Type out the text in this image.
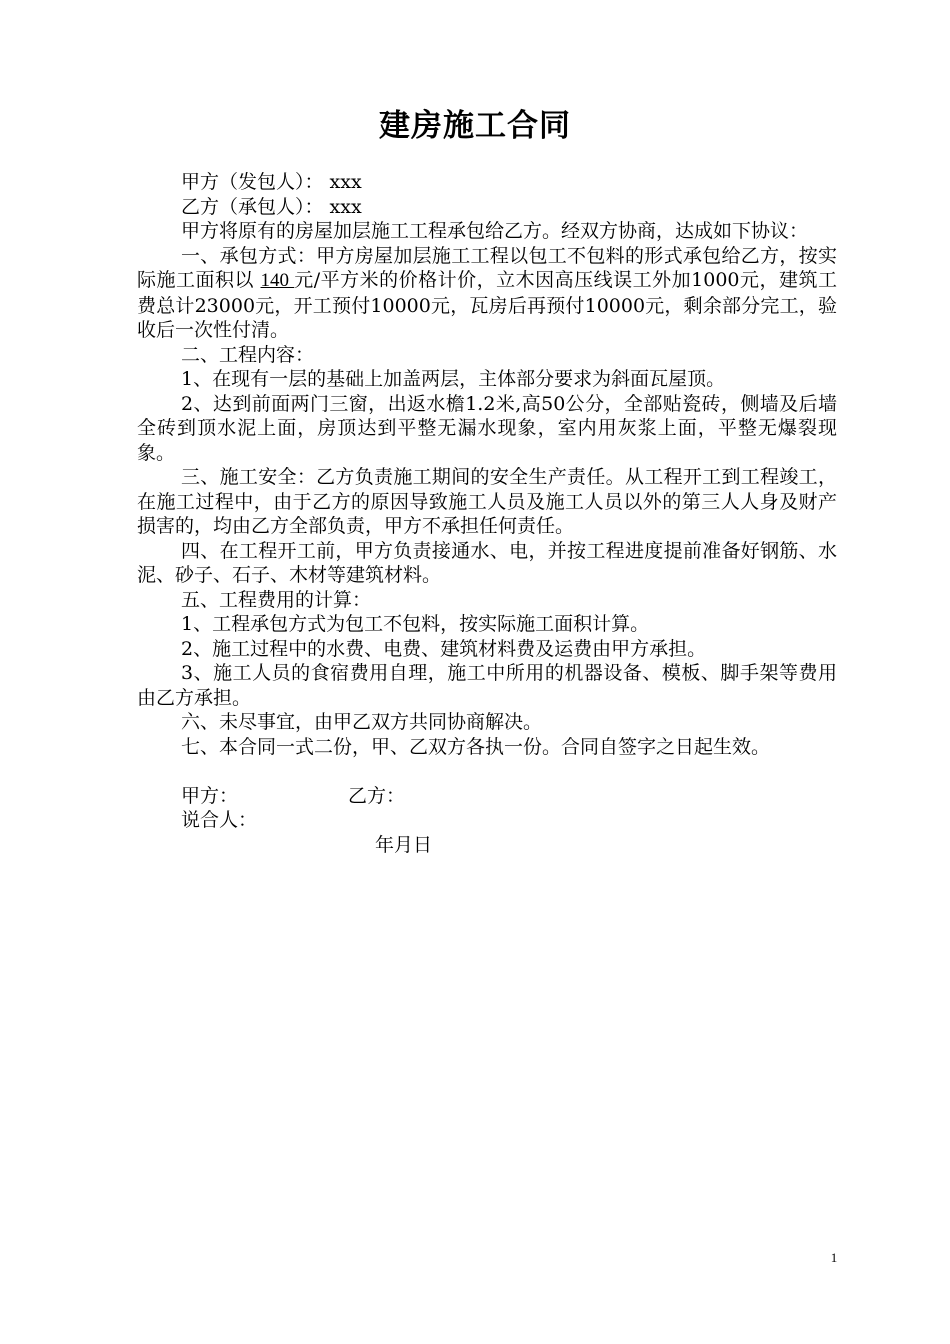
建房施工合同

甲方（发包人）： xxx

乙方（承包人）： xxx

甲方将原有的房屋加层施工工程承包给乙方。经双方协商，达成如下协议：

一、承包方式：甲方房屋加层施工工程以包工不包料的形式承包给乙方，按实际施工面积以 140 元/平方米的价格计价，立木因高压线误工外加1000元，建筑工费总计23000元，开工预付10000元，瓦房后再预付10000元，剩余部分完工，验收后一次性付清。

二、工程内容：

1、在现有一层的基础上加盖两层，主体部分要求为斜面瓦屋顶。

2、达到前面两门三窗，出返水檐1.2米,高50公分，全部贴瓷砖，侧墙及后墙全砖到顶水泥上面，房顶达到平整无漏水现象，室内用灰浆上面，平整无爆裂现象。

三、施工安全：乙方负责施工期间的安全生产责任。从工程开工到工程竣工，在施工过程中，由于乙方的原因导致施工人员及施工人员以外的第三人人身及财产损害的，均由乙方全部负责，甲方不承担任何责任。

四、在工程开工前，甲方负责接通水、电，并按工程进度提前准备好钢筋、水泥、砂子、石子、木材等建筑材料。

五、工程费用的计算：

1、工程承包方式为包工不包料，按实际施工面积计算。

2、施工过程中的水费、电费、建筑材料费及运费由甲方承担。

3、施工人员的食宿费用自理，施工中所用的机器设备、模板、脚手架等费用由乙方承担。

六、未尽事宜，由甲乙双方共同协商解决。

七、本合同一式二份，甲、乙双方各执一份。合同自签字之日起生效。

甲方：	乙方：

说合人：

年月日

1
